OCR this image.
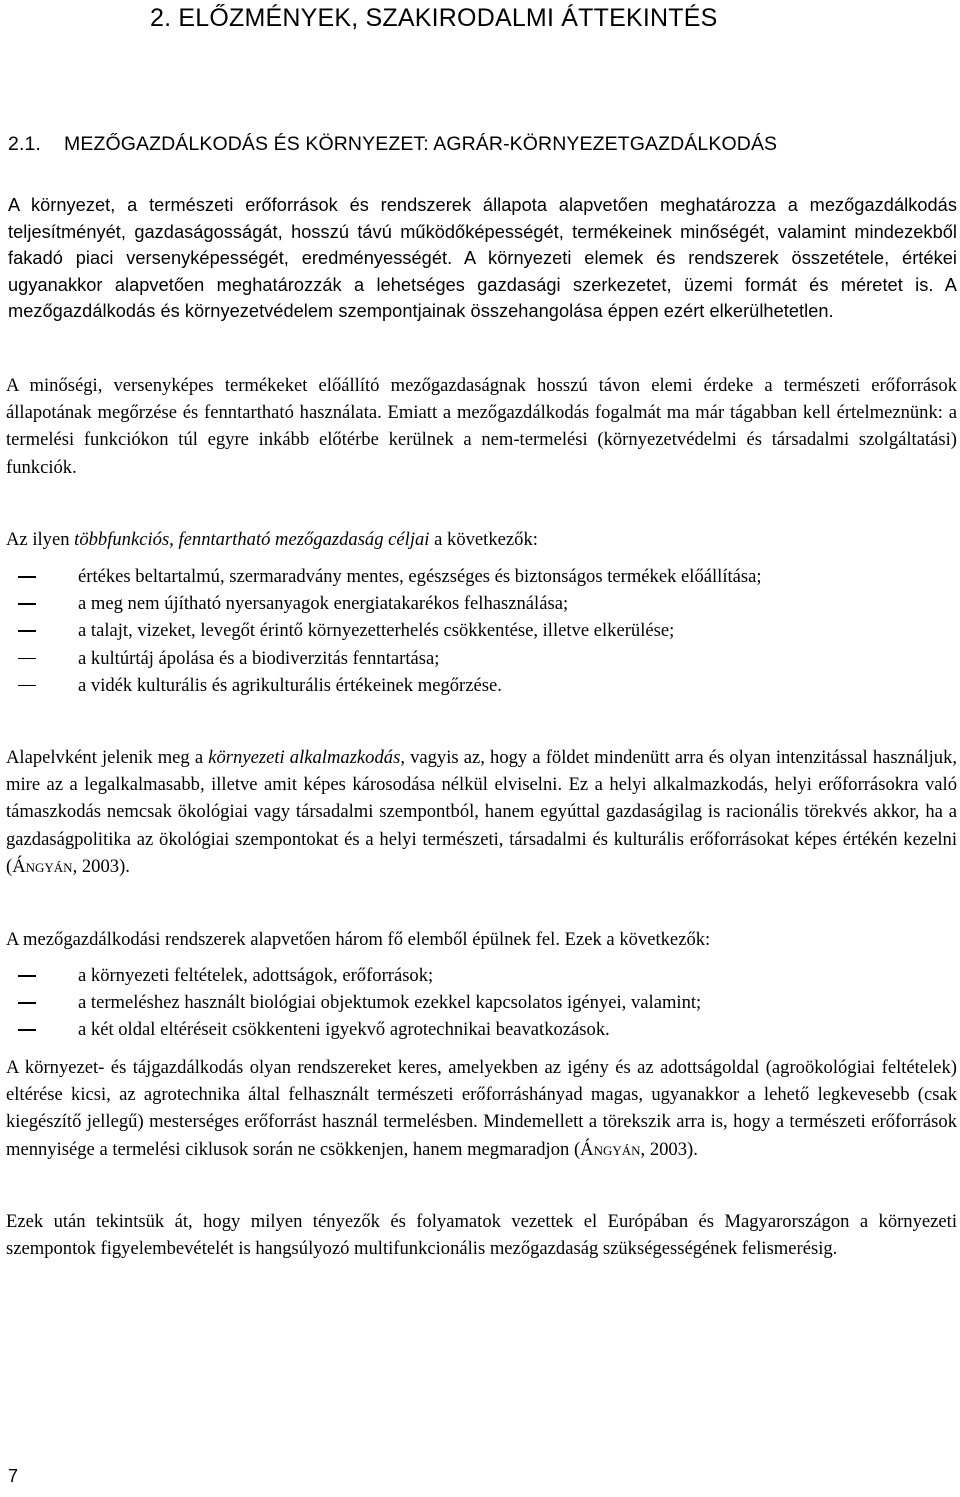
2. ELŐZMÉNYEK, SZAKIRODALMI ÁTTEKINTÉS
2.1. MEZŐGAZDÁLKODÁS ÉS KÖRNYEZET: AGRÁR-KÖRNYEZETGAZDÁLKODÁS

A környezet, a természeti erőforrások és rendszerek állapota alapvetően meghatározza a mezőgazdálkodás teljesítményét, gazdaságosságát, hosszú távú működőképességét, termékeinek minőségét, valamint mindezekből fakadó piaci versenyképességét, eredményességét. A környezeti elemek és rendszerek összetétele, értékei ugyanakkor alapvetően meghatározzák a lehetséges gazdasági szerkezetet, üzemi formát és méretet is. A mezőgazdálkodás és környezetvédelem szempontjainak összehangolása éppen ezért elkerülhetetlen.

A minőségi, versenyképes termékeket előállító mezőgazdaságnak hosszú távon elemi érdeke a természeti erőforrások állapotának megőrzése és fenntartható használata. Emiatt a mezőgazdálkodás fogalmát ma már tágabban kell értelmeznünk: a termelési funkciókon túl egyre inkább előtérbe kerülnek a nem-termelési (környezetvédelmi és társadalmi szolgáltatási) funkciók.

Az ilyen többfunkciós, fenntartható mezőgazdaság céljai a következők:

értékes beltartalmú, szermaradvány mentes, egészséges és biztonságos termékek előállítása;
a meg nem újítható nyersanyagok energiatakarékos felhasználása;
a talajt, vizeket, levegőt érintő környezetterhelés csökkentése, illetve elkerülése;
a kultúrtáj ápolása és a biodiverzitás fenntartása;
a vidék kulturális és agrikulturális értékeinek megőrzése.

Alapelvként jelenik meg a környezeti alkalmazkodás, vagyis az, hogy a földet mindenütt arra és olyan intenzitással használjuk, mire az a legalkalmasabb, illetve amit képes károsodása nélkül elviselni. Ez a helyi alkalmazkodás, helyi erőforrásokra való támaszkodás nemcsak ökológiai vagy társadalmi szempontból, hanem egyúttal gazdaságilag is racionális törekvés akkor, ha a gazdaságpolitika az ökológiai szempontokat és a helyi természeti, társadalmi és kulturális erőforrásokat képes értékén kezelni (Ángyán, 2003).

A mezőgazdálkodási rendszerek alapvetően három fő elemből épülnek fel. Ezek a következők:

a környezeti feltételek, adottságok, erőforrások;
a termeléshez használt biológiai objektumok ezekkel kapcsolatos igényei, valamint;
a két oldal eltéréseit csökkenteni igyekvő agrotechnikai beavatkozások.

A környezet- és tájgazdálkodás olyan rendszereket keres, amelyekben az igény és az adottságoldal (agroökológiai feltételek) eltérése kicsi, az agrotechnika által felhasznált természeti erőforráshányad magas, ugyanakkor a lehető legkevesebb (csak kiegészítő jellegű) mesterséges erőforrást használ termelésben. Mindemellett a törekszik arra is, hogy a természeti erőforrások mennyisége a termelési ciklusok során ne csökkenjen, hanem megmaradjon (Ángyán, 2003).

Ezek után tekintsük át, hogy milyen tényezők és folyamatok vezettek el Európában és Magyarországon a környezeti szempontok figyelembevételét is hangsúlyozó multifunkcionális mezőgazdaság szükségességének felismerésig.

7
